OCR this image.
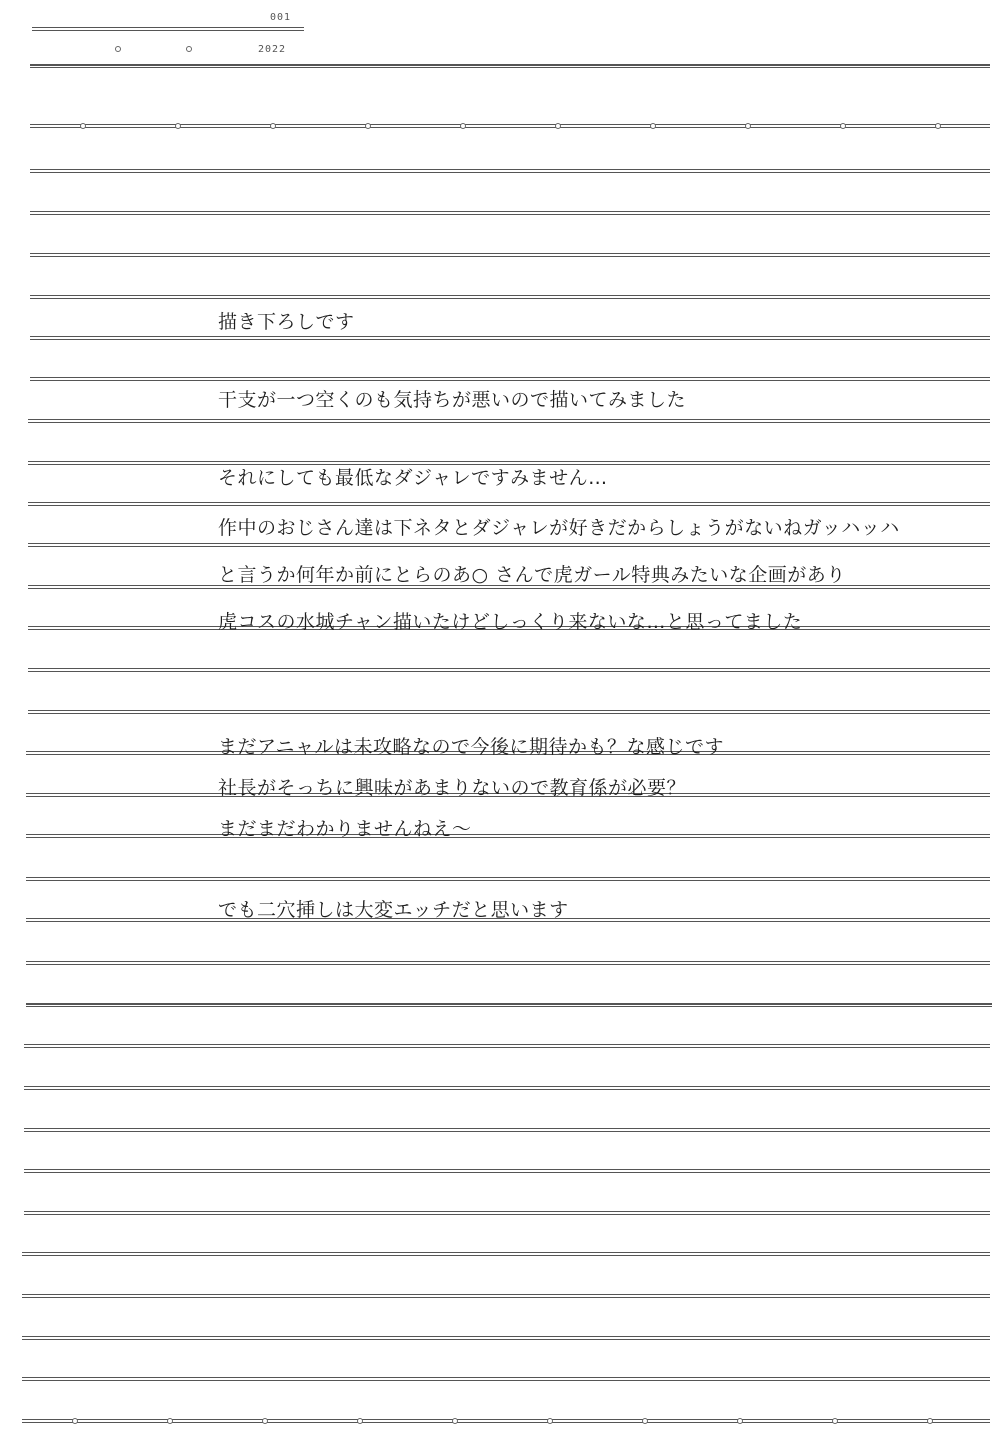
001
2022
描き下ろしです
干支が一つ空くのも気持ちが悪いので描いてみました
それにしても最低なダジャレですみません…
作中のおじさん達は下ネタとダジャレが好きだからしょうがないねガッハッハ
と言うか何年か前にとらのあ○ さんで虎ガール特典みたいな企画があり
虎コスの水城チャン描いたけどしっくり来ないな…と思ってました
まだアニャルは未攻略なので今後に期待かも？な感じです
社長がそっちに興味があまりないので教育係が必要？
まだまだわかりませんねえ～
でも二穴挿しは大変エッチだと思います
